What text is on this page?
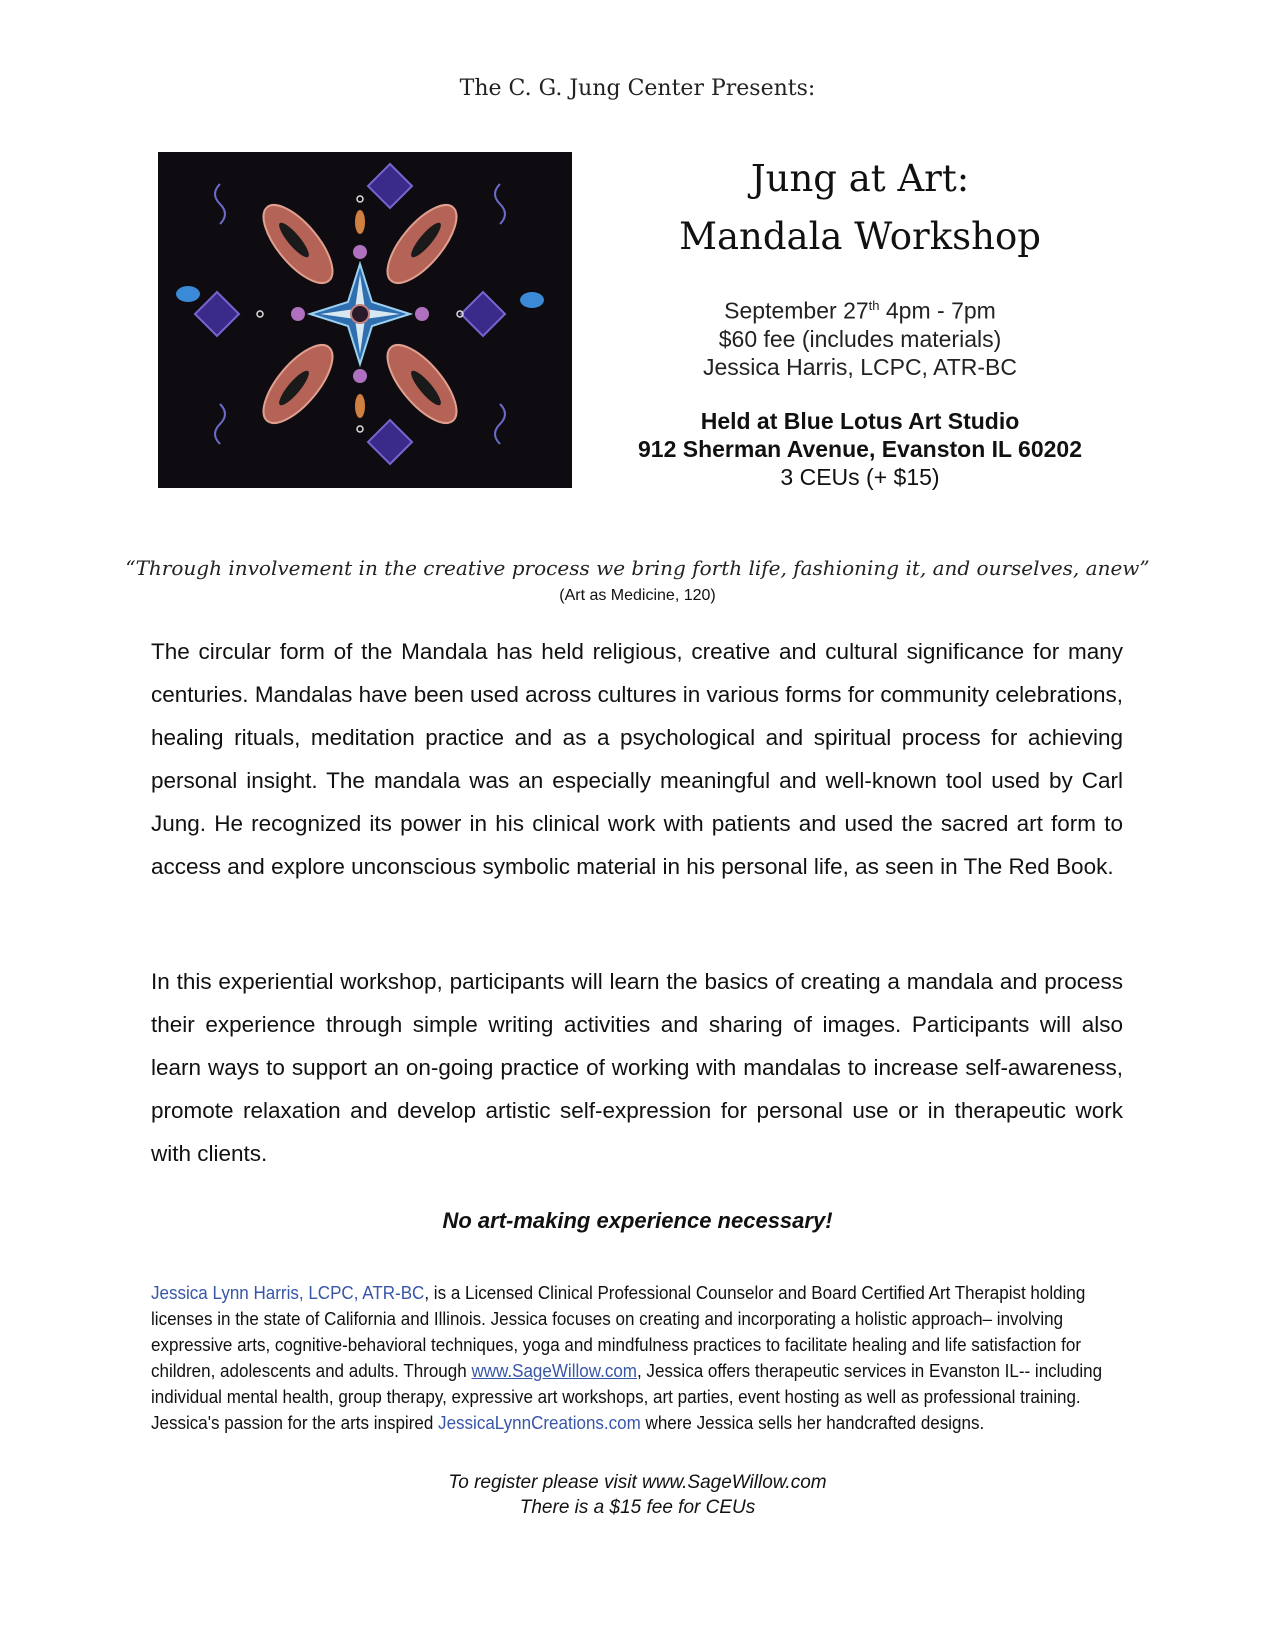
The C. G. Jung Center Presents:
Jung at Art:
Mandala Workshop
September 27th 4pm - 7pm
$60 fee (includes materials)
Jessica Harris, LCPC, ATR-BC
Held at Blue Lotus Art Studio
912 Sherman Avenue, Evanston IL 60202
3 CEUs (+ $15)
“Through involvement in the creative process we bring forth life, fashioning it, and ourselves, anew”
(Art as Medicine, 120)
The circular form of the Mandala has held religious, creative and cultural significance for many centuries. Mandalas have been used across cultures in various forms for community celebrations, healing rituals, meditation practice and as a psychological and spiritual process for achieving personal insight. The mandala was an especially meaningful and well-known tool used by Carl Jung. He recognized its power in his clinical work with patients and used the sacred art form to access and explore unconscious symbolic material in his personal life, as seen in The Red Book.
In this experiential workshop, participants will learn the basics of creating a mandala and process their experience through simple writing activities and sharing of images. Participants will also learn ways to support an on-going practice of working with mandalas to increase self-awareness, promote relaxation and develop artistic self-expression for personal use or in therapeutic work with clients.
No art-making experience necessary!
Jessica Lynn Harris, LCPC, ATR-BC, is a Licensed Clinical Professional Counselor and Board Certified Art Therapist holding licenses in the state of California and Illinois. Jessica focuses on creating and incorporating a holistic approach– involving expressive arts, cognitive-behavioral techniques, yoga and mindfulness practices to facilitate healing and life satisfaction for children, adolescents and adults. Through www.SageWillow.com, Jessica offers therapeutic services in Evanston IL-- including individual mental health, group therapy, expressive art workshops, art parties, event hosting as well as professional training. Jessica's passion for the arts inspired JessicaLynnCreations.com where Jessica sells her handcrafted designs.
To register please visit www.SageWillow.com
There is a $15 fee for CEUs
